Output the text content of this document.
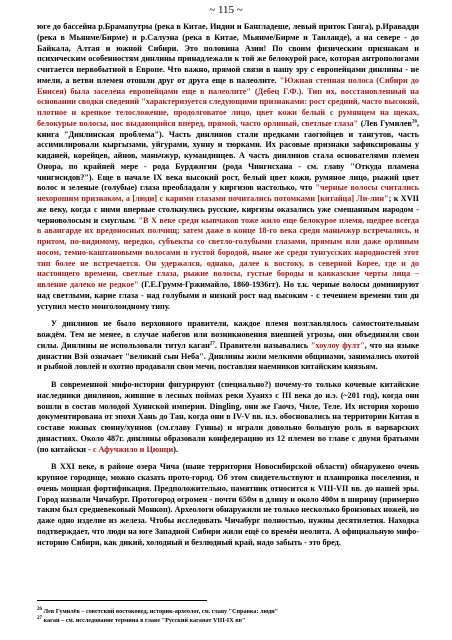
~ 115 ~

юге до бассейна р.Брамапутры (река в Китае, Индии и Бангладеше, левый приток Ганга), р.Иравадди (река в Мьянме/Бирме) и р.Салуэна (река в Китае, Мьянме/Бирме и Таиланде), а на севере - до Байкала, Алтая и южной Сибири. Это половина Азии! По своим физическим признакам и психическим особенностям динлины принадлежали к той же белокурой расе, которая антропологами считается первобытной в Европе. Что важно, прямой связи в нашу эру с европейцами динлины - не имели, а ветви племен отошли друг от друга еще в палеолите. "Южная степная полоса (Сибири до Енисея) была заселена европейцами еще в палеолите" (Дебец Г.Ф.). Тип их, восстановленный на основании сводки сведений "характеризуется следующими признаками: рост средний, часто высокий, плотное и крепкое телосложение, продолговатое лицо, цвет кожи белый с румянцем на щеках, белокурые волосы, нос выдающийся вперед, прямой, часто орлиный, светлые глаза" (Лев Гумилев$^{26}$, книга "Динлинская проблема"). Часть динлинов стали предками гаогюйцев и тангутов, часть ассимилировали кыргызами, уйгурами, хунну и тюрками. Их расовые признаки зафиксированы у киданей, корейцев, айнов, маньчжур, кумандинцев. А часть динлинов стала основателями племен Онора, по крайней мере - рода Бурджигин (рода Чингисхана - см. главу "Откуда пламена чингисидов?"). Еще в начале IX века высокий рост, белый цвет кожи, румяное лицо, рыжий цвет волос и зеленые (голубые) глаза преобладали у киргизов настолько, что "черные волосы считались нехорошим признаком, а [люди] с карими глазами почитались потомками [китайца] Ли-лин"; к XVII же веку, когда с ними впервые столкнулись русские, киргизы оказались уже смешанным народом - черноволосым и смуглым. "В X веке среди кыпчаков тоже жило еще белокурое племя, щедрее всегда в авангарде их вредоносных полчищ; затем даже в конце 18-го века среди маньчжур встречались, и притом, по-видимому, нередко, субъекты со светло-голубыми глазами, прямым или даже орлиным носом, темно-каштановыми волосами и густой бородой, ныне же среди тунгусских народностей этот тип более не встречается. Он удержался, однако, далее к востоку, в северной Корее, где и до настоящего времени, светлые глаза, рыжие волосы, густые бороды и кавказские черты лица – явление далеко не редкое" (Г.Е.Грумм-Гржимайло, 1860-1936гг). Но т.к. черные волосы доминируют над светлыми, карие глаза - над голубыми и низкий рост над высоким - с течением времени тип дн уступил место монголоидному типу.

У динлинов не было верховного правителя, каждое племя возглавлялось самостоятельным вождём. Тем не менее, в случае набегов или возникновения внешней угрозы, они объединяли свои силы. Динлины не использовали титул каган$^{27}$. Правители назывались "хоулоу фулт", что на языке династии Вэй означает "великий сын Неба". Динлины жили мелкими общинами, занимались охотой и рыбной ловлей и охотно продавали свои мечи, поставляя наемников китайским князьям.

В современной мифо-истории фигурируют (специально?) почему-то только кочевые китайские наследники динлинов, жившие в лесных поймах реки Хуанхэ с III века до н.э. (~201 год), когда они вошли в состав молодой Хуннской империи. Dingling, они же Гаочэ, Чиле, Теле. Их история хорошо документирована от эпохи Хань до Тан, когда они в IV-V вв. н.э. обосновались на территории Китая в составе южных сюнну/хуннов (см.главу Гунны) и играли довольно большую роль в варварских династиях. Около 487г. динлины образовали конфедерацию из 12 племен во главе с двумя братьями (по китайски - с Афучжило и Цюнци).

В XXI веке, в районе озера Чича (ныне территория Новосибирской области) обнаружено очень крупное городище, можно сказать прото-город. Об этом свидетельствуют и планировка поселения, и очень мощная фортификация. Предположительно, памятник относится к VIII-VII вв. до нашей эры. Город назвали Чичабург. Протогород огромен - почти 650м в длину и около 400м в ширину (примерно таким был средневековый Монкоп). Археологи обнаружили не только несколько бронзовых ножей, но даже одно изделие из железа. Чтобы исследовать Чичабург полностью, нужны десятилетия. Находка подтверждает, что люди на юге Западной Сибири жили ещё со времён неолита. А официальную мифо-историю Сибири, как дикий, холодный и безлюдный край, надо забыть - это бред.

$^{26}$ Лев Гумилёв – советский востоковед, историк-археолог, см. главу "Справка: люди"

$^{27}$ каган – см. исследование термина в главе "Русский каганат VIII-IX вв"
